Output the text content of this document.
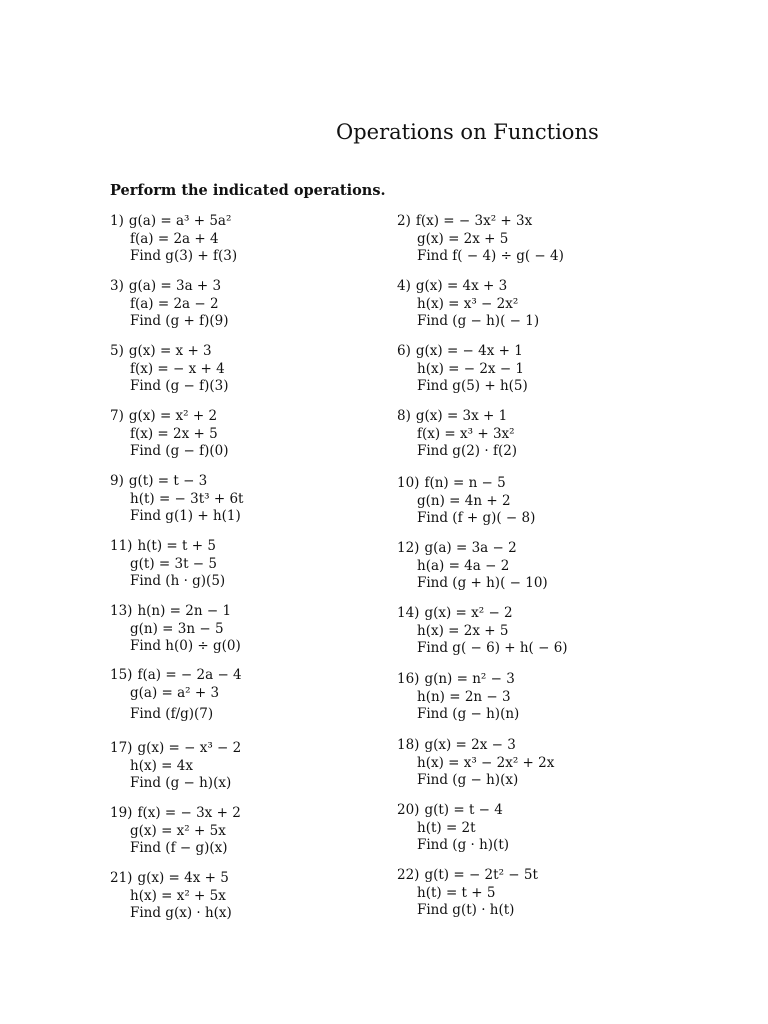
Operations on Functions
Perform the indicated operations.
1) g(a) = a³ + 5a²
f(a) = 2a + 4
Find g(3) + f(3)
3) g(a) = 3a + 3
f(a) = 2a − 2
Find (g + f)(9)
5) g(x) = x + 3
f(x) = − x + 4
Find (g − f)(3)
7) g(x) = x² + 2
f(x) = 2x + 5
Find (g − f)(0)
9) g(t) = t − 3
h(t) = − 3t³ + 6t
Find g(1) + h(1)
11) h(t) = t + 5
g(t) = 3t − 5
Find (h · g)(5)
13) h(n) = 2n − 1
g(n) = 3n − 5
Find h(0) ÷ g(0)
15) f(a) = − 2a − 4
g(a) = a² + 3
Find (f/g)(7)
17) g(x) = − x³ − 2
h(x) = 4x
Find (g − h)(x)
19) f(x) = − 3x + 2
g(x) = x² + 5x
Find (f − g)(x)
21) g(x) = 4x + 5
h(x) = x² + 5x
Find g(x) · h(x)
2) f(x) = − 3x² + 3x
g(x) = 2x + 5
Find f( − 4) ÷ g( − 4)
4) g(x) = 4x + 3
h(x) = x³ − 2x²
Find (g − h)( − 1)
6) g(x) = − 4x + 1
h(x) = − 2x − 1
Find g(5) + h(5)
8) g(x) = 3x + 1
f(x) = x³ + 3x²
Find g(2) · f(2)
10) f(n) = n − 5
g(n) = 4n + 2
Find (f + g)( − 8)
12) g(a) = 3a − 2
h(a) = 4a − 2
Find (g + h)( − 10)
14) g(x) = x² − 2
h(x) = 2x + 5
Find g( − 6) + h( − 6)
16) g(n) = n² − 3
h(n) = 2n − 3
Find (g − h)(n)
18) g(x) = 2x − 3
h(x) = x³ − 2x² + 2x
Find (g − h)(x)
20) g(t) = t − 4
h(t) = 2t
Find (g · h)(t)
22) g(t) = − 2t² − 5t
h(t) = t + 5
Find g(t) · h(t)
